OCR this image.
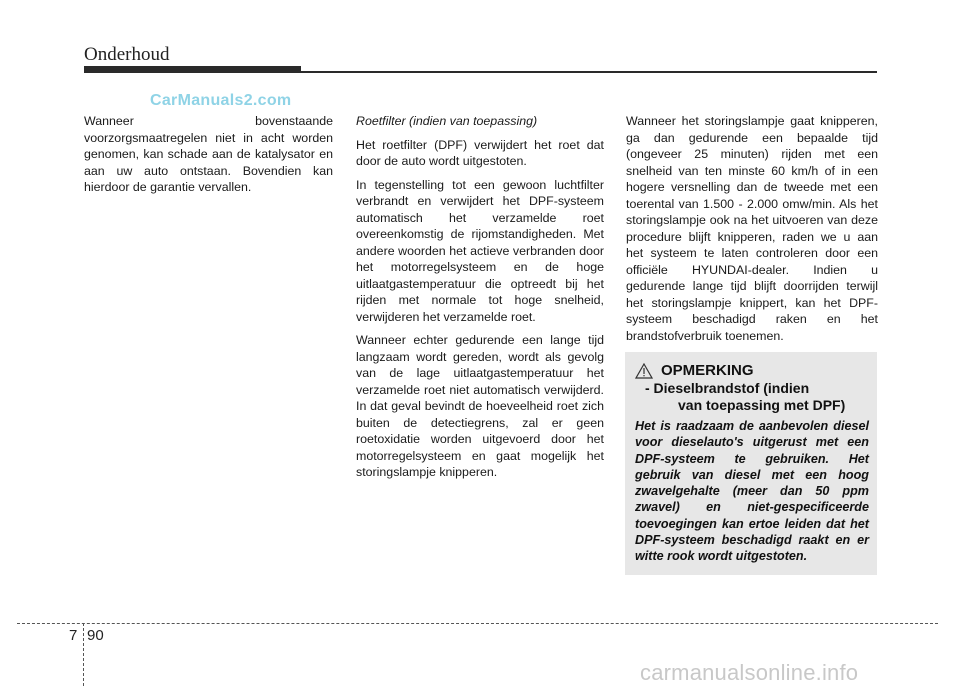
Onderhoud
CarManuals2.com

Wanneer bovenstaande voorzorgsmaatregelen niet in acht worden genomen, kan schade aan de katalysator en aan uw auto ontstaan. Bovendien kan hierdoor de garantie vervallen.

Roetfilter (indien van toepassing)

Het roetfilter (DPF) verwijdert het roet dat door de auto wordt uitgestoten.

In tegenstelling tot een gewoon luchtfilter verbrandt en verwijdert het DPF-systeem automatisch het verzamelde roet overeenkomstig de rijomstandigheden. Met andere woorden het actieve verbranden door het motorregelsysteem en de hoge uitlaatgastemperatuur die optreedt bij het rijden met normale tot hoge snelheid, verwijderen het verzamelde roet.

Wanneer echter gedurende een lange tijd langzaam wordt gereden, wordt als gevolg van de lage uitlaatgastemperatuur het verzamelde roet niet automatisch verwijderd. In dat geval bevindt de hoeveelheid roet zich buiten de detectiegrens, zal er geen roetoxidatie worden uitgevoerd door het motorregelsysteem en gaat mogelijk het storingslampje knipperen.

Wanneer het storingslampje gaat knipperen, ga dan gedurende een bepaalde tijd (ongeveer 25 minuten) rijden met een snelheid van ten minste 60 km/h of in een hogere versnelling dan de tweede met een toerental van 1.500 - 2.000 omw/min. Als het storingslampje ook na het uitvoeren van deze procedure blijft knipperen, raden we u aan het systeem te laten controleren door een officiële HYUNDAI-dealer. Indien u gedurende lange tijd blijft doorrijden terwijl het storingslampje knippert, kan het DPF-systeem beschadigd raken en het brandstofverbruik toenemen.

OPMERKING
- Dieselbrandstof (indien
van toepassing met DPF)
Het is raadzaam de aanbevolen diesel voor dieselauto's uitgerust met een DPF-systeem te gebruiken. Het gebruik van diesel met een hoog zwavelgehalte (meer dan 50 ppm zwavel) en niet-gespecificeerde toevoegingen kan ertoe leiden dat het DPF-systeem beschadigd raakt en er witte rook wordt uitgestoten.
7 90
carmanualsonline.info
